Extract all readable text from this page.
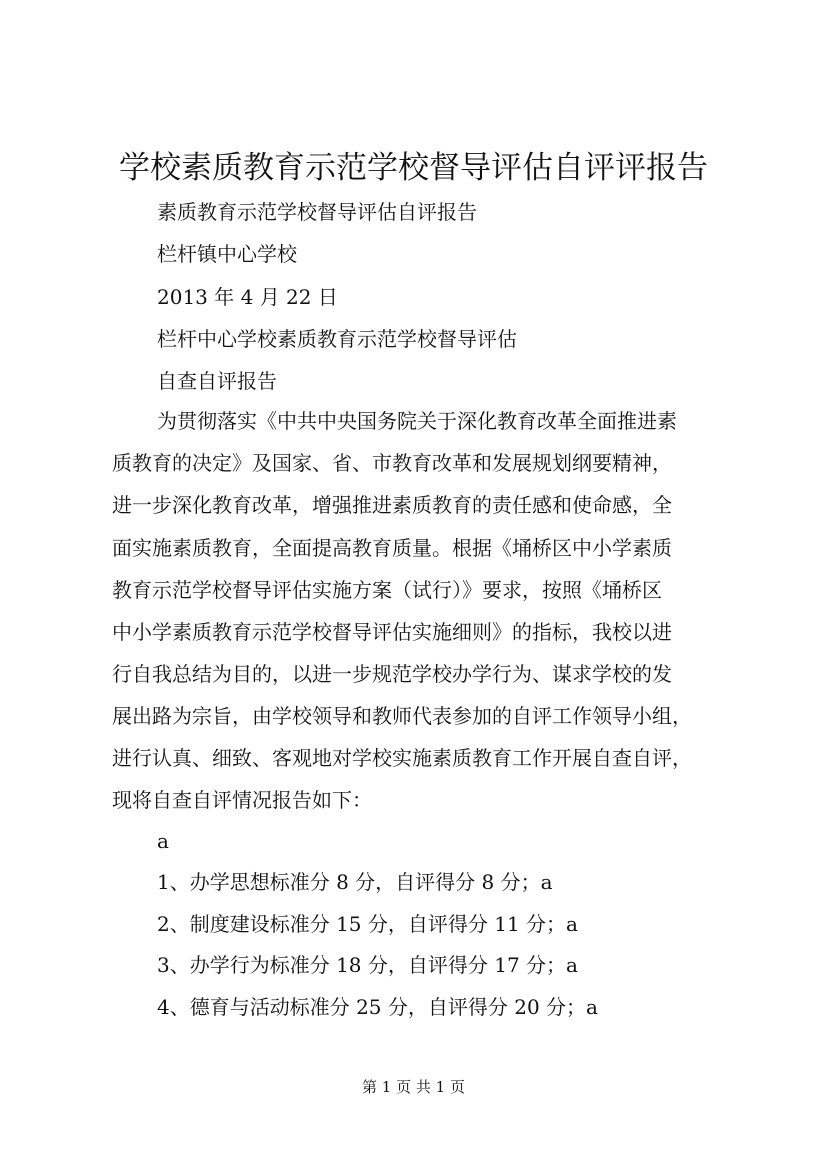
学校素质教育示范学校督导评估自评评报告
素质教育示范学校督导评估自评报告
栏杆镇中心学校
2013 年 4 月 22 日
栏杆中心学校素质教育示范学校督导评估
自查自评报告
为贯彻落实《中共中央国务院关于深化教育改革全面推进素
质教育的决定》及国家、省、市教育改革和发展规划纲要精神，
进一步深化教育改革，增强推进素质教育的责任感和使命感，全
面实施素质教育，全面提高教育质量。根据《埇桥区中小学素质
教育示范学校督导评估实施方案（试行）》要求，按照《埇桥区
中小学素质教育示范学校督导评估实施细则》的指标，我校以进
行自我总结为目的，以进一步规范学校办学行为、谋求学校的发
展出路为宗旨，由学校领导和教师代表参加的自评工作领导小组，
进行认真、细致、客观地对学校实施素质教育工作开展自查自评，
现将自查自评情况报告如下：
a
1、办学思想标准分 8 分，自评得分 8 分；a
2、制度建设标准分 15 分，自评得分 11 分；a
3、办学行为标准分 18 分，自评得分 17 分；a
4、德育与活动标准分 25 分，自评得分 20 分；a
第 1 页 共 1 页
